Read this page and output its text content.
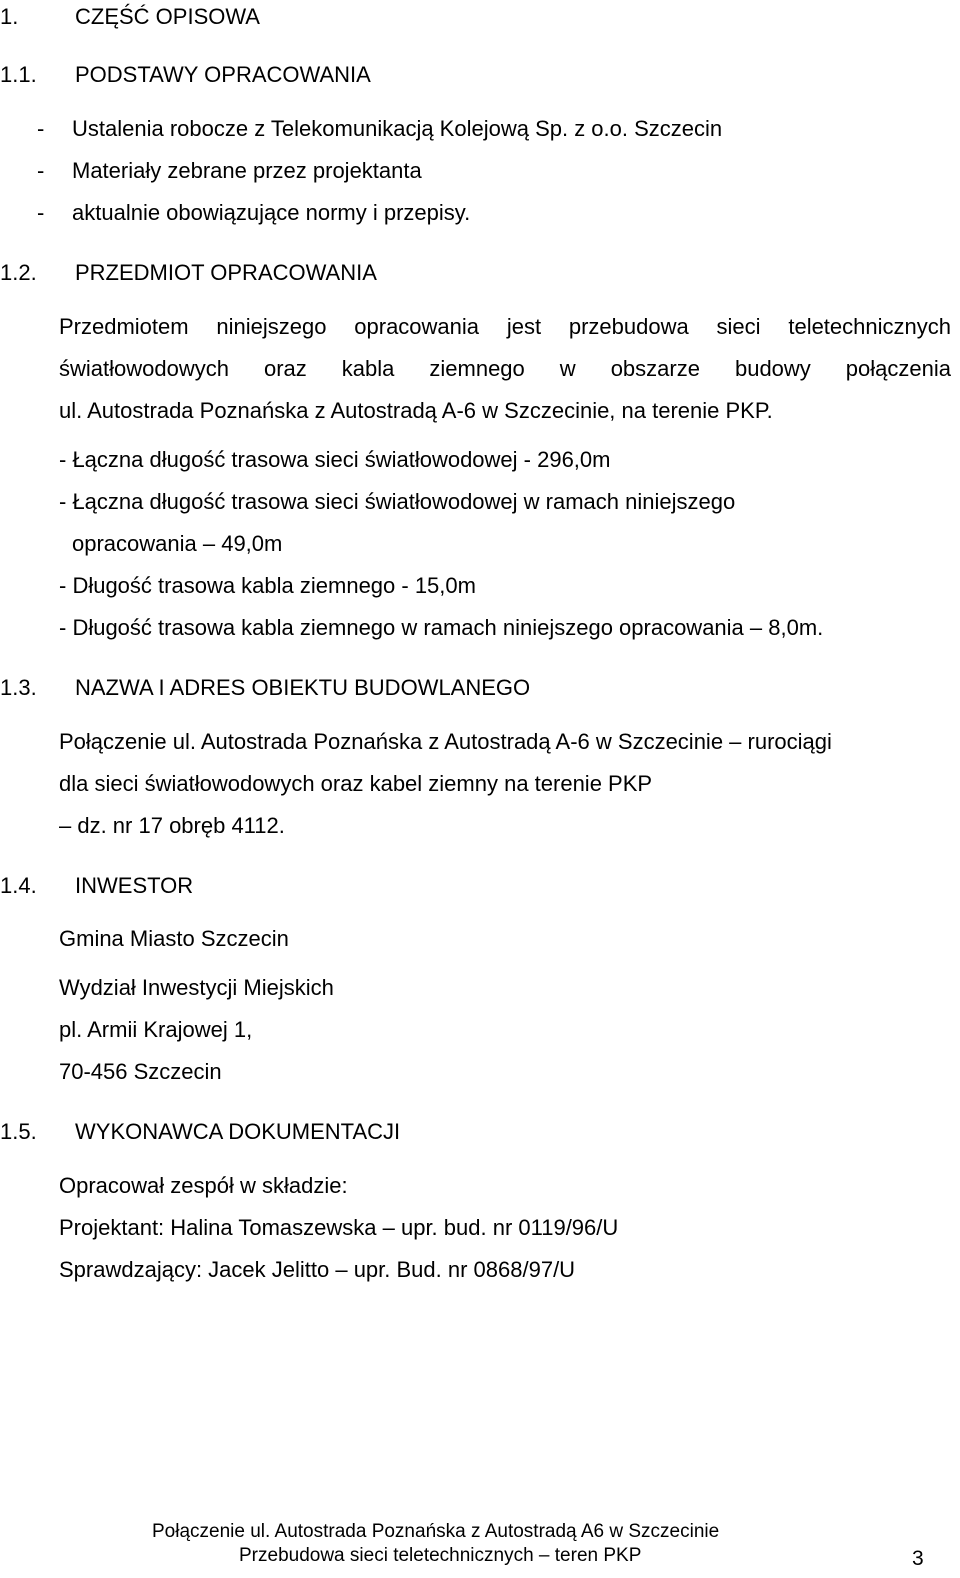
1.	CZĘŚĆ OPISOWA
1.1. PODSTAWY OPRACOWANIA
- Ustalenia robocze z Telekomunikacją Kolejową Sp. z o.o. Szczecin
- Materiały zebrane przez projektanta
- aktualnie obowiązujące normy i przepisy.
1.2. PRZEDMIOT OPRACOWANIA
Przedmiotem niniejszego opracowania jest przebudowa sieci teletechnicznych
światłowodowych oraz kabla ziemnego w obszarze budowy połączenia
ul. Autostrada Poznańska z Autostradą A-6 w Szczecinie, na terenie PKP.
- Łączna długość trasowa sieci światłowodowej - 296,0m
- Łączna długość trasowa sieci światłowodowej w ramach niniejszego
opracowania – 49,0m
- Długość trasowa kabla ziemnego - 15,0m
- Długość trasowa kabla ziemnego w ramach niniejszego opracowania – 8,0m.
1.3. NAZWA I ADRES OBIEKTU BUDOWLANEGO
Połączenie ul. Autostrada Poznańska z Autostradą A-6 w Szczecinie – rurociągi
dla sieci światłowodowych oraz kabel ziemny na terenie PKP
– dz. nr 17 obręb 4112.
1.4. INWESTOR
Gmina Miasto Szczecin
Wydział Inwestycji Miejskich
pl. Armii Krajowej 1,
70-456 Szczecin
1.5. WYKONAWCA DOKUMENTACJI
Opracował zespół w składzie:
Projektant: Halina Tomaszewska – upr. bud. nr 0119/96/U
Sprawdzający: Jacek Jelitto – upr. Bud. nr 0868/97/U
Połączenie ul. Autostrada Poznańska z Autostradą A6 w Szczecinie
Przebudowa sieci teletechnicznych – teren PKP	3
